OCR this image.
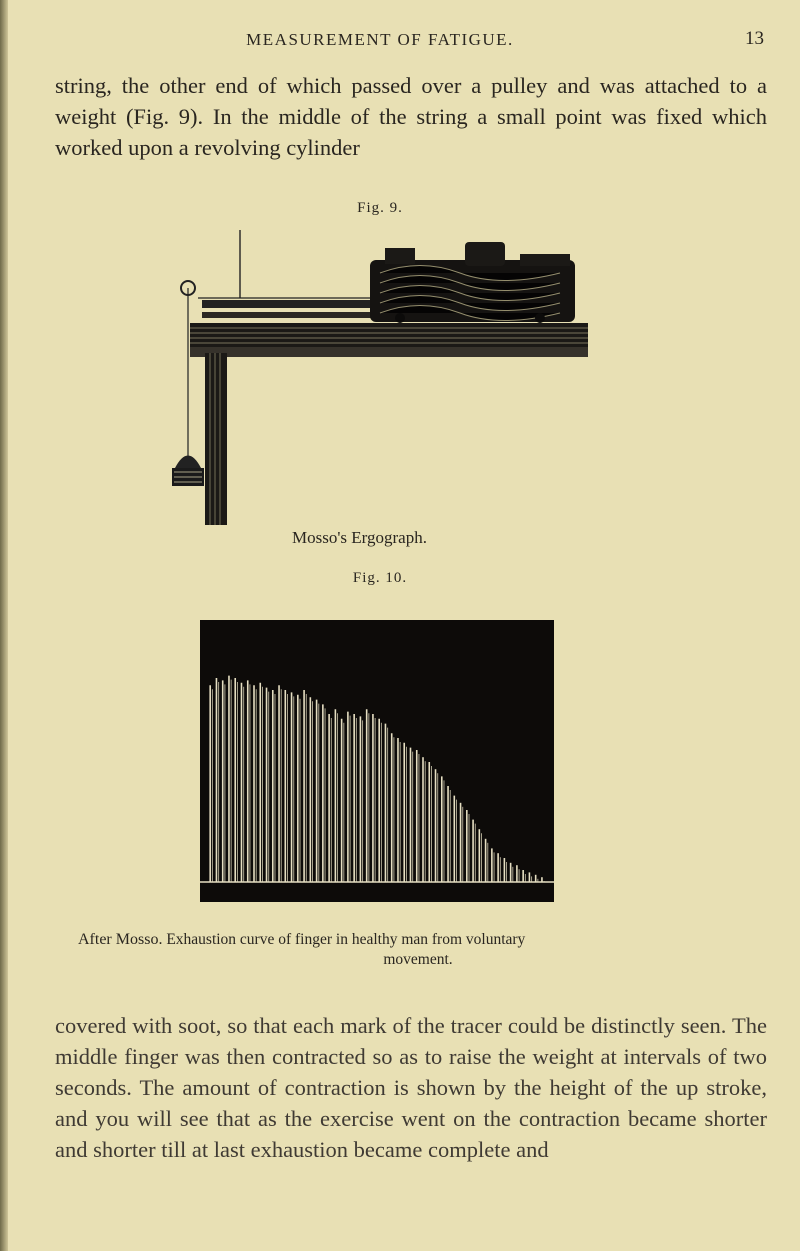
MEASUREMENT OF FATIGUE.	13

string, the other end of which passed over a pulley and was attached to a weight (Fig. 9). In the middle of the string a small point was fixed which worked upon a revolving cylinder

Fig. 9.
Mosso's Ergograph.
Fig. 10.
After Mosso. Exhaustion curve of finger in healthy man from voluntary
movement.

covered with soot, so that each mark of the tracer could be distinctly seen. The middle finger was then contracted so as to raise the weight at intervals of two seconds. The amount of contraction is shown by the height of the up stroke, and you will see that as the exercise went on the contraction became shorter and shorter till at last exhaustion became complete and
